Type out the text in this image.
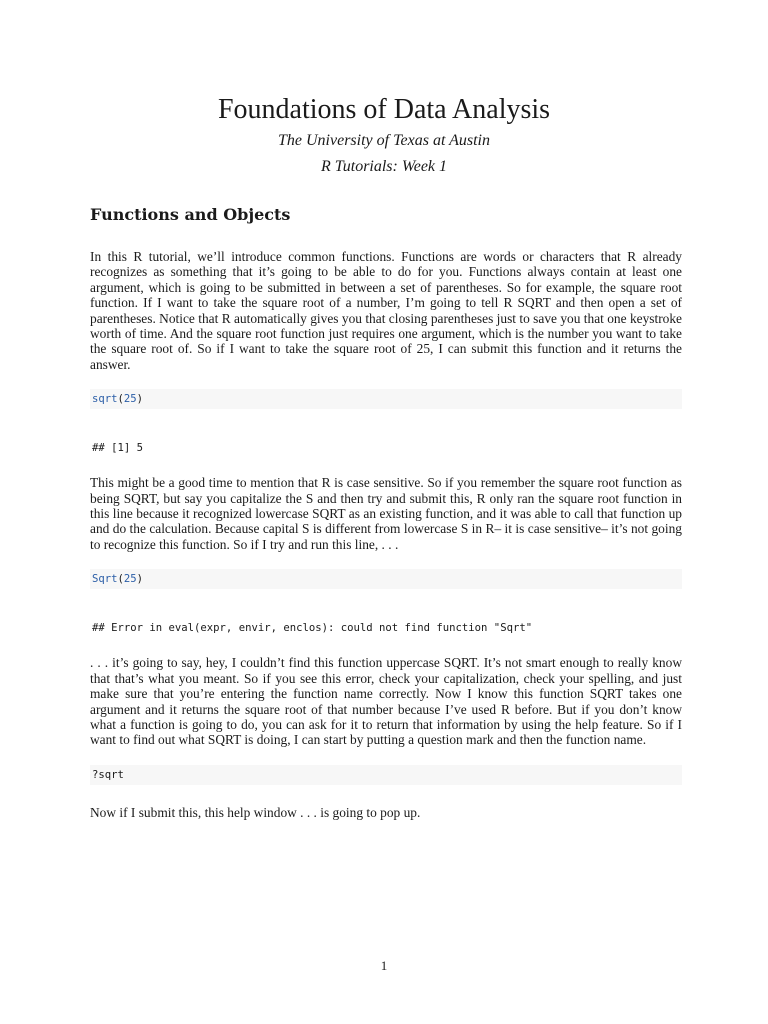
Foundations of Data Analysis
The University of Texas at Austin
R Tutorials: Week 1
Functions and Objects

In this R tutorial, we’ll introduce common functions. Functions are words or characters that R already recognizes as something that it’s going to be able to do for you. Functions always contain at least one argument, which is going to be submitted in between a set of parentheses. So for example, the square root function. If I want to take the square root of a number, I’m going to tell R SQRT and then open a set of parentheses. Notice that R automatically gives you that closing parentheses just to save you that one keystroke worth of time. And the square root function just requires one argument, which is the number you want to take the square root of. So if I want to take the square root of 25, I can submit this function and it returns the answer.

sqrt(25)
## [1] 5

This might be a good time to mention that R is case sensitive. So if you remember the square root function as being SQRT, but say you capitalize the S and then try and submit this, R only ran the square root function in this line because it recognized lowercase SQRT as an existing function, and it was able to call that function up and do the calculation. Because capital S is different from lowercase S in R– it is case sensitive– it’s not going to recognize this function. So if I try and run this line, . . .

Sqrt(25)
## Error in eval(expr, envir, enclos): could not find function "Sqrt"

. . . it’s going to say, hey, I couldn’t find this function uppercase SQRT. It’s not smart enough to really know that that’s what you meant. So if you see this error, check your capitalization, check your spelling, and just make sure that you’re entering the function name correctly. Now I know this function SQRT takes one argument and it returns the square root of that number because I’ve used R before. But if you don’t know what a function is going to do, you can ask for it to return that information by using the help feature. So if I want to find out what SQRT is doing, I can start by putting a question mark and then the function name.

?sqrt

Now if I submit this, this help window . . . is going to pop up.

1
